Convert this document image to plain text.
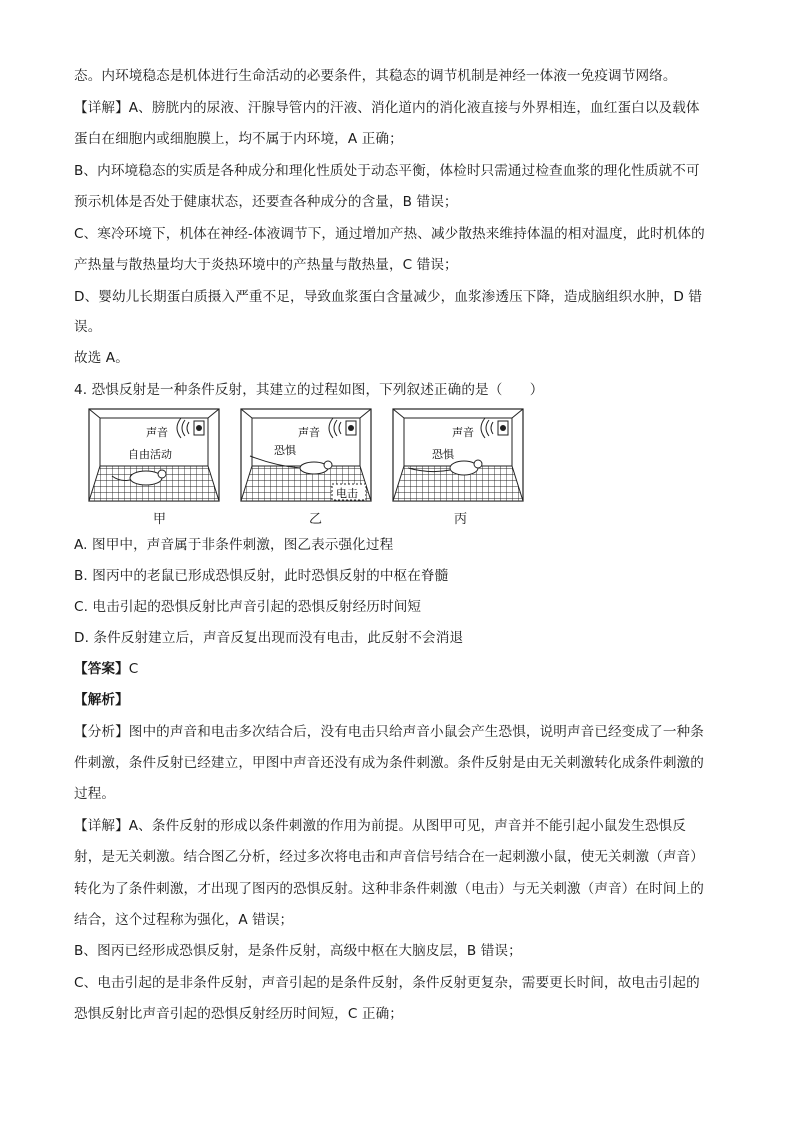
态。内环境稳态是机体进行生命活动的必要条件，其稳态的调节机制是神经一体液一免疫调节网络。
【详解】A、膀胱内的尿液、汗腺导管内的汗液、消化道内的消化液直接与外界相连，血红蛋白以及载体
蛋白在细胞内或细胞膜上，均不属于内环境，A 正确；
B、内环境稳态的实质是各种成分和理化性质处于动态平衡，体检时只需通过检查血浆的理化性质就不可
预示机体是否处于健康状态，还要查各种成分的含量，B 错误；
C、寒冷环境下，机体在神经-体液调节下，通过增加产热、减少散热来维持体温的相对温度，此时机体的
产热量与散热量均大于炎热环境中的产热量与散热量，C 错误；
D、婴幼儿长期蛋白质摄入严重不足，导致血浆蛋白含量减少，血浆渗透压下降，造成脑组织水肿，D 错
误。
故选 A。
4. 恐惧反射是一种条件反射，其建立的过程如图，下列叙述正确的是（　　）
声音
自由活动
声音
恐惧
电击
声音
恐惧
甲	乙	丙
A. 图甲中，声音属于非条件刺激，图乙表示强化过程
B. 图丙中的老鼠已形成恐惧反射，此时恐惧反射的中枢在脊髓
C. 电击引起的恐惧反射比声音引起的恐惧反射经历时间短
D. 条件反射建立后，声音反复出现而没有电击，此反射不会消退
【答案】C
【解析】
【分析】图中的声音和电击多次结合后，没有电击只给声音小鼠会产生恐惧，说明声音已经变成了一种条
件刺激，条件反射已经建立，甲图中声音还没有成为条件刺激。条件反射是由无关刺激转化成条件刺激的
过程。
【详解】A、条件反射的形成以条件刺激的作用为前提。从图甲可见，声音并不能引起小鼠发生恐惧反
射，是无关刺激。结合图乙分析，经过多次将电击和声音信号结合在一起刺激小鼠，使无关刺激（声音）
转化为了条件刺激，才出现了图丙的恐惧反射。这种非条件刺激（电击）与无关刺激（声音）在时间上的
结合，这个过程称为强化，A 错误；
B、图丙已经形成恐惧反射，是条件反射，高级中枢在大脑皮层，B 错误；
C、电击引起的是非条件反射，声音引起的是条件反射，条件反射更复杂，需要更长时间，故电击引起的
恐惧反射比声音引起的恐惧反射经历时间短，C 正确；
